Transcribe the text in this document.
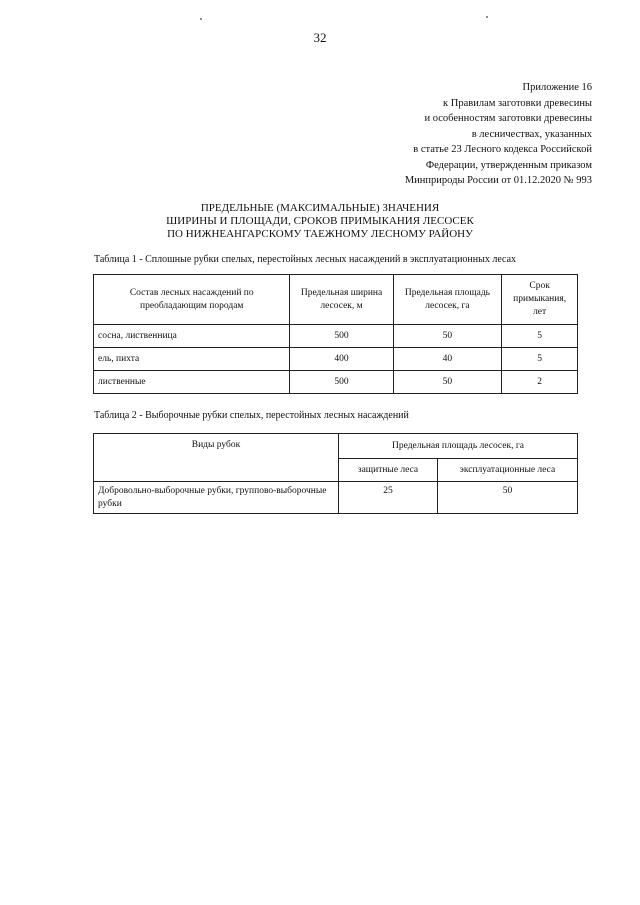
32
Приложение 16
к Правилам заготовки древесины
и особенностям заготовки древесины
в лесничествах, указанных
в статье 23 Лесного кодекса Российской
Федерации, утвержденным приказом
Минприроды России от 01.12.2020 № 993
ПРЕДЕЛЬНЫЕ (МАКСИМАЛЬНЫЕ) ЗНАЧЕНИЯ
ШИРИНЫ И ПЛОЩАДИ, СРОКОВ ПРИМЫКАНИЯ ЛЕСОСЕК
ПО НИЖНЕАНГАРСКОМУ ТАЕЖНОМУ ЛЕСНОМУ РАЙОНУ
Таблица 1 - Сплошные рубки спелых, перестойных лесных насаждений в эксплуатационных лесах
Состав лесных насаждений по преобладающим породам	Предельная ширина лесосек, м	Предельная площадь лесосек, га	Срок примыкания, лет
сосна, лиственница	500	50	5
ель, пихта	400	40	5
лиственные	500	50	2
Таблица 2 - Выборочные рубки спелых, перестойных лесных насаждений
Виды рубок	Предельная площадь лесосек, га	
	защитные леса	эксплуатационные леса
Добровольно-выборочные рубки, группово-выборочные рубки	25	50
